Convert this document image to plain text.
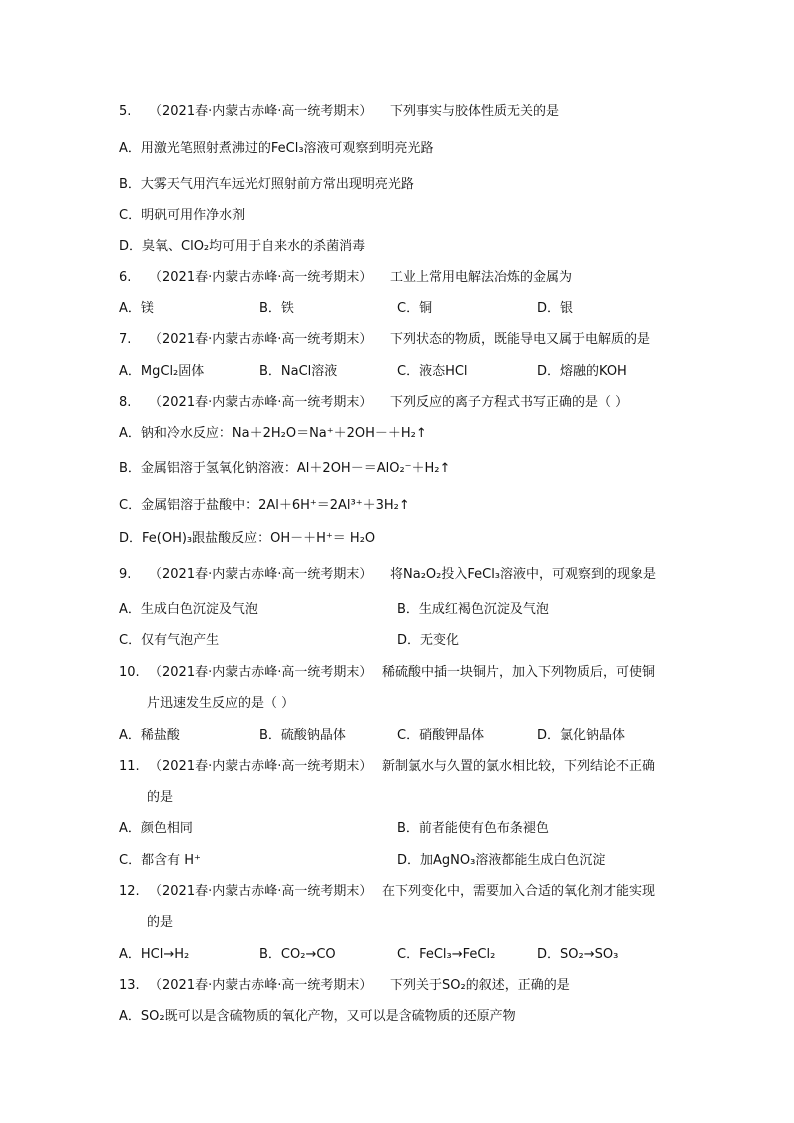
5. （2021春·内蒙古赤峰·高一统考期末） 下列事实与胶体性质无关的是
A．用激光笔照射煮沸过的FeCl₃溶液可观察到明亮光路
B．大雾天气用汽车远光灯照射前方常出现明亮光路
C．明矾可用作净水剂
D．臭氧、ClO₂均可用于自来水的杀菌消毒
6. （2021春·内蒙古赤峰·高一统考期末） 工业上常用电解法冶炼的金属为
A．镁	B．铁	C．铜	D．银
7. （2021春·内蒙古赤峰·高一统考期末） 下列状态的物质，既能导电又属于电解质的是
A．MgCl₂固体	B．NaCl溶液	C．液态HCl	D．熔融的KOH
8. （2021春·内蒙古赤峰·高一统考期末） 下列反应的离子方程式书写正确的是（ ）
A．钠和冷水反应：Na＋2H₂O＝Na⁺＋2OH－＋H₂↑
B．金属铝溶于氢氧化钠溶液：Al＋2OH－＝AlO₂⁻＋H₂↑
C．金属铝溶于盐酸中：2Al＋6H⁺＝2Al³⁺＋3H₂↑
D．Fe(OH)₃跟盐酸反应：OH－＋H⁺＝ H₂O
9. （2021春·内蒙古赤峰·高一统考期末） 将Na₂O₂投入FeCl₃溶液中，可观察到的现象是
A．生成白色沉淀及气泡	B．生成红褐色沉淀及气泡
C．仅有气泡产生	D．无变化
10. （2021春·内蒙古赤峰·高一统考期末） 稀硫酸中插一块铜片，加入下列物质后，可使铜
片迅速发生反应的是（ ）
A．稀盐酸	B．硫酸钠晶体	C．硝酸钾晶体	D．氯化钠晶体
11. （2021春·内蒙古赤峰·高一统考期末） 新制氯水与久置的氯水相比较，下列结论不正确
的是
A．颜色相同	B．前者能使有色布条褪色
C．都含有 H⁺	D．加AgNO₃溶液都能生成白色沉淀
12. （2021春·内蒙古赤峰·高一统考期末） 在下列变化中，需要加入合适的氧化剂才能实现
的是
A．HCl→H₂	B．CO₂→CO	C．FeCl₃→FeCl₂	D．SO₂→SO₃
13. （2021春·内蒙古赤峰·高一统考期末） 下列关于SO₂的叙述，正确的是
A．SO₂既可以是含硫物质的氧化产物，又可以是含硫物质的还原产物
